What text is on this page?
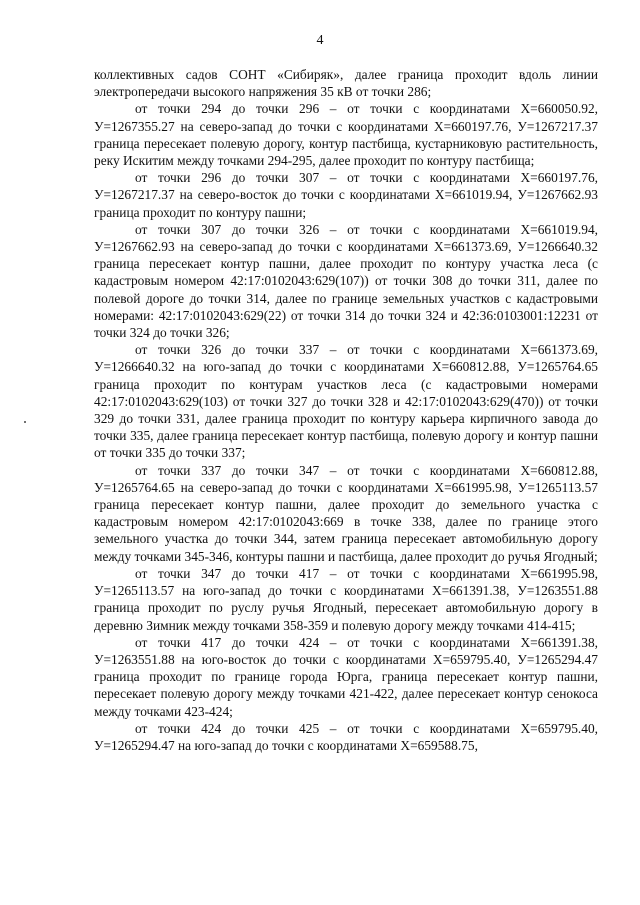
4

коллективных садов СОНТ «Сибиряк», далее граница проходит вдоль линии электропередачи высокого напряжения 35 кВ от точки 286;

от точки 294 до точки 296 – от точки с координатами Х=660050.92, У=1267355.27 на северо-запад до точки с координатами Х=660197.76, У=1267217.37 граница пересекает полевую дорогу, контур пастбища, кустарниковую растительность, реку Искитим между точками 294-295, далее проходит по контуру пастбища;

от точки 296 до точки 307 – от точки с координатами Х=660197.76, У=1267217.37 на северо-восток до точки с координатами Х=661019.94, У=1267662.93 граница проходит по контуру пашни;

от точки 307 до точки 326 – от точки с координатами Х=661019.94, У=1267662.93 на северо-запад до точки с координатами Х=661373.69, У=1266640.32 граница пересекает контур пашни, далее проходит по контуру участка леса (с кадастровым номером 42:17:0102043:629(107)) от точки 308 до точки 311, далее по полевой дороге до точки 314, далее по границе земельных участков с кадастровыми номерами: 42:17:0102043:629(22) от точки 314 до точки 324 и 42:36:0103001:12231 от точки 324 до точки 326;

от точки 326 до точки 337 – от точки с координатами Х=661373.69, У=1266640.32 на юго-запад до точки с координатами Х=660812.88, У=1265764.65 граница проходит по контурам участков леса (с кадастровыми номерами 42:17:0102043:629(103) от точки 327 до точки 328 и 42:17:0102043:629(470)) от точки 329 до точки 331, далее граница проходит по контуру карьера кирпичного завода до точки 335, далее граница пересекает контур пастбища, полевую дорогу и контур пашни от точки 335 до точки 337;

от точки 337 до точки 347 – от точки с координатами Х=660812.88, У=1265764.65 на северо-запад до точки с координатами Х=661995.98, У=1265113.57 граница пересекает контур пашни, далее проходит до земельного участка с кадастровым номером 42:17:0102043:669 в точке 338, далее по границе этого земельного участка до точки 344, затем граница пересекает автомобильную дорогу между точками 345-346, контуры пашни и пастбища, далее проходит до ручья Ягодный;

от точки 347 до точки 417 – от точки с координатами Х=661995.98, У=1265113.57 на юго-запад до точки с координатами Х=661391.38, У=1263551.88 граница проходит по руслу ручья Ягодный, пересекает автомобильную дорогу в деревню Зимник между точками 358-359 и полевую дорогу между точками 414-415;

от точки 417 до точки 424 – от точки с координатами Х=661391.38, У=1263551.88 на юго-восток до точки с координатами Х=659795.40, У=1265294.47 граница проходит по границе города Юрга, граница пересекает контур пашни, пересекает полевую дорогу между точками 421-422, далее пересекает контур сенокоса между точками 423-424;

от точки 424 до точки 425 – от точки с координатами Х=659795.40, У=1265294.47 на юго-запад до точки с координатами Х=659588.75,
